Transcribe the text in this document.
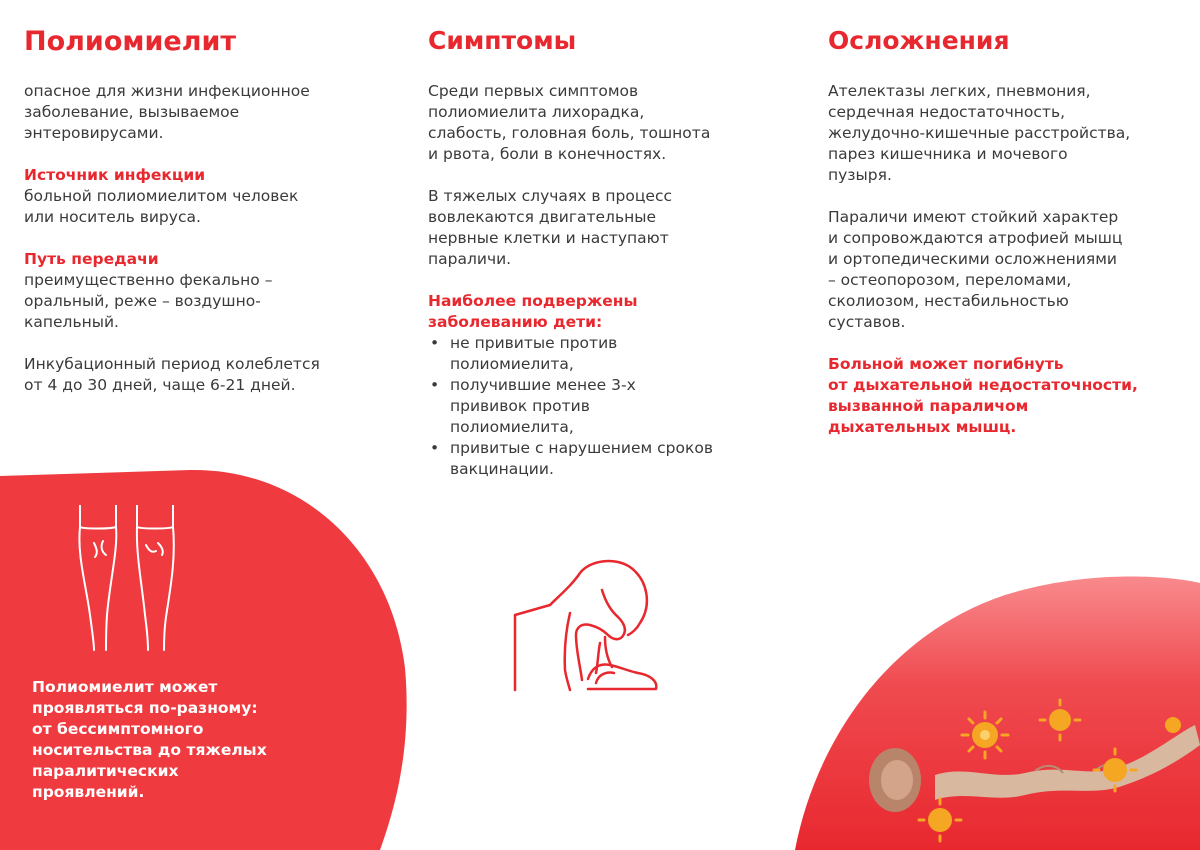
Полиомиелит

опасное для жизни инфекционное
заболевание, вызываемое
энтеровирусами.

Источник инфекции
больной полиомиелитом человек
или носитель вируса.

Путь передачи
преимущественно фекально –
оральный, реже – воздушно-
капельный.

Инкубационный период колеблется
от 4 до 30 дней, чаще 6-21 дней.

Симптомы

Среди первых симптомов
полиомиелита лихорадка,
слабость, головная боль, тошнота
и рвота, боли в конечностях.

В тяжелых случаях в процесс
вовлекаются двигательные
нервные клетки и наступают
параличи.

Наиболее подвержены
заболеванию дети:
• не привитые против
полиомиелита,
• получившие менее 3-х
прививок против
полиомиелита,
• привитые с нарушением сроков
вакцинации.
Осложнения

Ателектазы легких, пневмония,
сердечная недостаточность,
желудочно-кишечные расстройства,
парез кишечника и мочевого
пузыря.

Параличи имеют стойкий характер
и сопровождаются атрофией мышц
и ортопедическими осложнениями
– остеопорозом, переломами,
сколиозом, нестабильностью
суставов.

Больной может погибнуть
от дыхательной недостаточности,
вызванной параличом
дыхательных мышц.

Полиомиелит может
проявляться по-разному:
от бессимптомного
носительства до тяжелых
паралитических
проявлений.
